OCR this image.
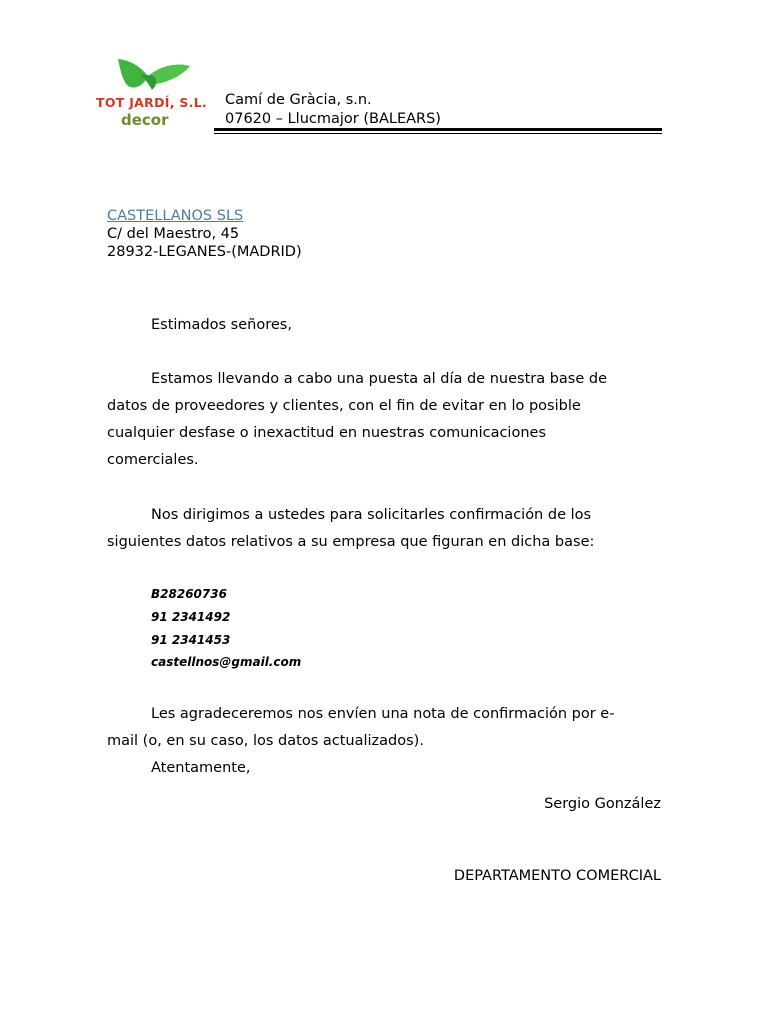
TOT JARDÍ, S.L.
decor

Camí de Gràcia, s.n.

07620 – Llucmajor (BALEARS)

CASTELLANOS SLS

C/ del Maestro, 45

28932-LEGANES-(MADRID)

Estimados señores,

Estamos llevando a cabo una puesta al día de nuestra base de

datos de proveedores y clientes, con el fin de evitar en lo posible

cualquier desfase o inexactitud en nuestras comunicaciones

comerciales.

Nos dirigimos a ustedes para solicitarles confirmación de los

siguientes datos relativos a su empresa que figuran en dicha base:

B28260736

91 2341492

91 2341453

castellnos@gmail.com

Les agradeceremos nos envíen una nota de confirmación por e-

mail (o, en su caso, los datos actualizados).

Atentamente,

Sergio González

DEPARTAMENTO COMERCIAL
